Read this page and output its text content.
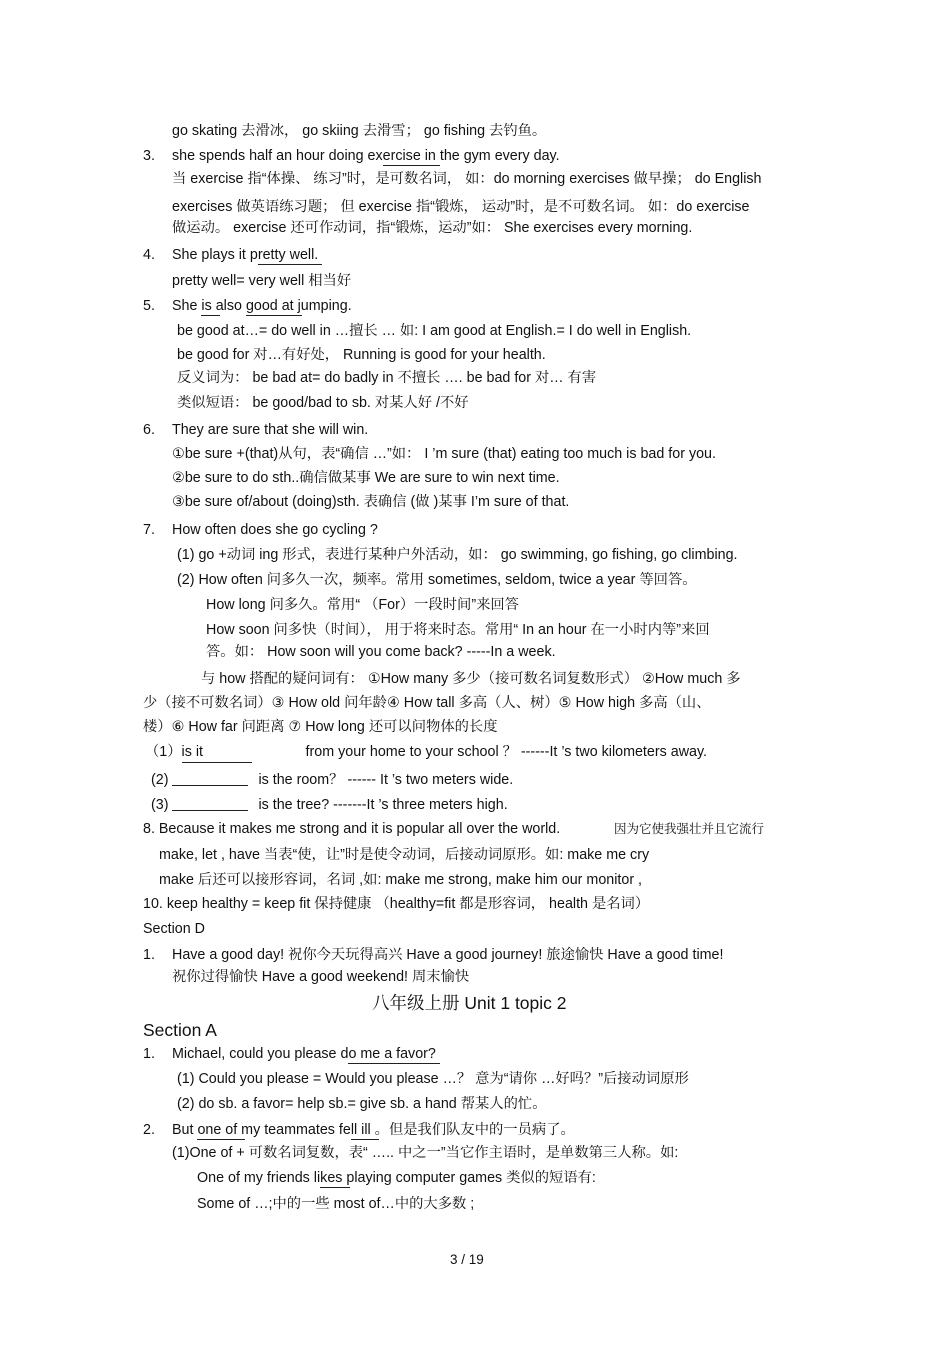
go skating 去滑冰， go skiing 去滑雪； go fishing 去钓鱼。
3. she spends half an hour doing exercise in the gym every day.
当 exercise 指“体操、 练习”时，是可数名词， 如：do morning exercises 做早操； do English
exercises 做英语练习题； 但 exercise 指“锻炼， 运动”时，是不可数名词。 如：do exercise
做运动。 exercise 还可作动词，指“锻炼，运动”如： She exercises every morning.
4. She plays it pretty well.
pretty well= very well 相当好
5. She is also good at jumping.
be good at…= do well in …擅长 … 如: I am good at English.= I do well in English.
be good for 对…有好处， Running is good for your health.
反义词为： be bad at= do badly in 不擅长 …. be bad for 对… 有害
类似短语： be good/bad to sb. 对某人好 /不好
6. They are sure that she will win.
①be sure +(that)从句，表“确信 …”如： I ’m sure (that) eating too much is bad for you.
②be sure to do sth..确信做某事 We are sure to win next time.
③be sure of/about (doing)sth. 表确信 (做 )某事 I’m sure of that.
7. How often does she go cycling ?
(1) go +动词 ing 形式，表进行某种户外活动，如： go swimming, go fishing, go climbing.
(2) How often 问多久一次，频率。常用 sometimes, seldom, twice a year 等回答。
How long 问多久。常用“ （For）一段时间”来回答
How soon 问多快（时间）， 用于将来时态。常用“ In an hour 在一小时内等”来回
答。如： How soon will you come back? -----In a week.
与 how 搭配的疑问词有： ①How many 多少（接可数名词复数形式） ②How much 多
少（接不可数名词）③ How old 问年龄④ How tall 多高（人、树）⑤ How high 多高（山、
楼）⑥ How far 问距离 ⑦ How long 还可以问物体的长度
（1）is it	from your home to your school ？ ------It ’s two kilometers away.
(2)	is the room？ ------ It ’s two meters wide.
(3)	is the tree? -------It ’s three meters high.
8. Because it makes me strong and it is popular all over the world.	因为它使我强壮并且它流行
make, let , have 当表“使，让”时是使令动词，后接动词原形。如: make me cry
make 后还可以接形容词，名词 ,如: make me strong, make him our monitor ,
10. keep healthy = keep fit 保持健康 （healthy=fit 都是形容词， health 是名词）
Section D
1. Have a good day! 祝你今天玩得高兴 Have a good journey! 旅途愉快 Have a good time!
祝你过得愉快 Have a good weekend! 周末愉快
八年级上册 Unit 1 topic 2
Section A
1. Michael, could you please do me a favor?
(1) Could you please = Would you please …？ 意为“请你 …好吗？”后接动词原形
(2) do sb. a favor= help sb.= give sb. a hand 帮某人的忙。
2. But one of my teammates fell ill 。但是我们队友中的一员病了。
(1)One of + 可数名词复数，表“ ….. 中之一”当它作主语时，是单数第三人称。如:
One of my friends likes playing computer games 类似的短语有:
Some of …;中的一些 most of…中的大多数 ;
3 / 19
